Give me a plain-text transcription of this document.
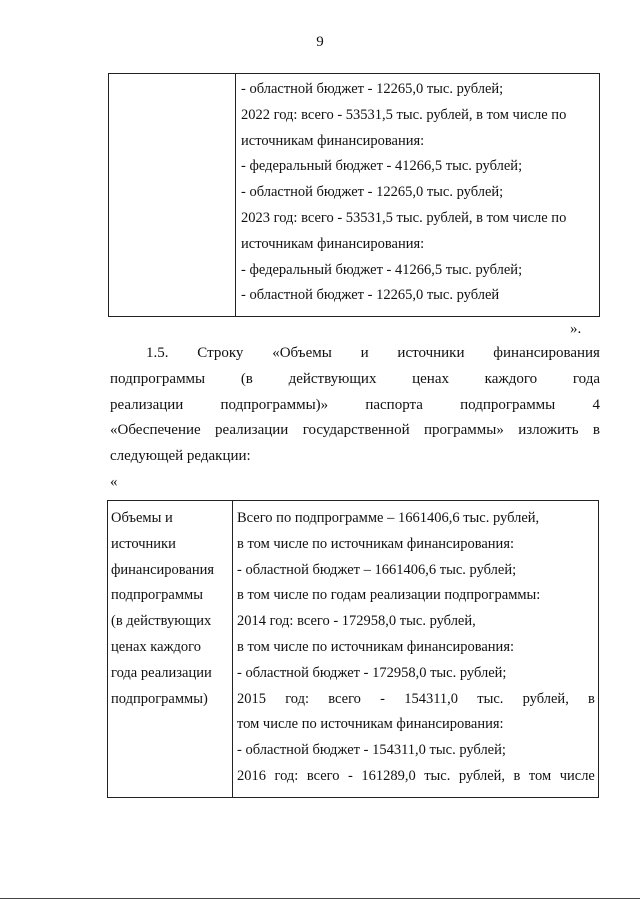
9
- областной бюджет - 12265,0 тыс. рублей;
2022 год: всего - 53531,5 тыс. рублей, в том числе по
источникам финансирования:
- федеральный бюджет - 41266,5 тыс. рублей;
- областной бюджет - 12265,0 тыс. рублей;
2023 год: всего - 53531,5 тыс. рублей, в том числе по
источникам финансирования:
- федеральный бюджет - 41266,5 тыс. рублей;
- областной бюджет - 12265,0 тыс. рублей
».
1.5. Строку «Объемы и источники финансирования
подпрограммы (в действующих ценах каждого года
реализации подпрограммы)» паспорта подпрограммы 4
«Обеспечение реализации государственной программы» изложить в
следующей редакции:
«
Объемы и
источники
финансирования
подпрограммы
(в действующих
ценах каждого
года реализации
подпрограммы)
Всего по подпрограмме – 1661406,6 тыс. рублей,
в том числе по источникам финансирования:
- областной бюджет – 1661406,6 тыс. рублей;
в том числе по годам реализации подпрограммы:
2014 год: всего - 172958,0 тыс. рублей,
в том числе по источникам финансирования:
- областной бюджет - 172958,0 тыс. рублей;
2015 год: всего - 154311,0 тыс. рублей, в
том числе по источникам финансирования:
- областной бюджет - 154311,0 тыс. рублей;
2016 год: всего - 161289,0 тыс. рублей, в том числе
